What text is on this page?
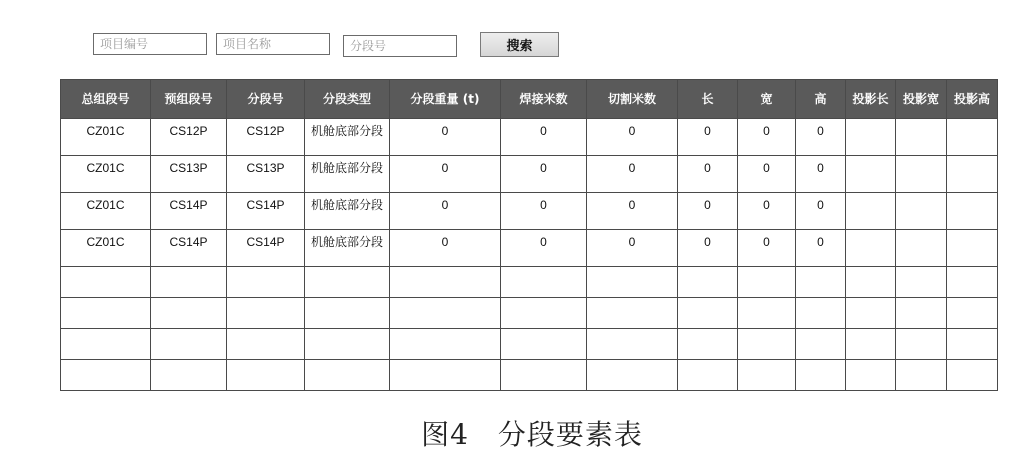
项目编号
项目名称
分段号
搜索
总组段号	预组段号	分段号	分段类型	分段重量 (t)	焊接米数	切割米数	长	宽	高	投影长	投影宽	投影高
CZ01C	CS12P	CS12P	机舱底部分段	0	0	0	0	0	0			
CZ01C	CS13P	CS13P	机舱底部分段	0	0	0	0	0	0			
CZ01C	CS14P	CS14P	机舱底部分段	0	0	0	0	0	0			
CZ01C	CS14P	CS14P	机舱底部分段	0	0	0	0	0	0			

图4　分段要素表
